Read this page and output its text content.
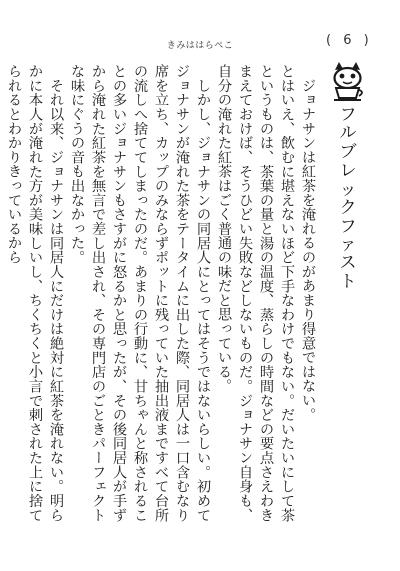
きみははらぺこ	( 6 )
フ
ル
ブ
レ
ッ
ク
フ
ァ
ス
ト

　ジョナサンは紅茶を淹れるのがあまり得意ではない。

とはいえ、飲むに堪えないほど下手なわけでもない。だいたいにして茶というものは、茶葉の量と湯の温度、蒸らしの時間などの要点さえわきまえておけば、そうひどい失敗などしないものだ。ジョナサン自身も、自分の淹れた紅茶はごく普通の味だと思っている。

　しかし、ジョナサンの同居人にとってはそうではないらしい。初めてジョナサンが淹れた茶をテータイムに出した際、同居人は一口含むなり席を立ち、カップのみならずポットに残っていた抽出液まですべて台所の流しへ捨ててしまったのだ。あまりの行動に、甘ちゃんと称されることの多いジョナサンもさすがに怒るかと思ったが、その後同居人が手ずから淹れた紅茶を無言で差し出され、その専門店のごときパーフェクトな味にぐうの音も出なかった。

　それ以来、ジョナサンは同居人にだけは絶対に紅茶を淹れない。明らかに本人が淹れた方が美味しいし、ちくちくと小言で刺された上に捨てられるとわかりきっているから
